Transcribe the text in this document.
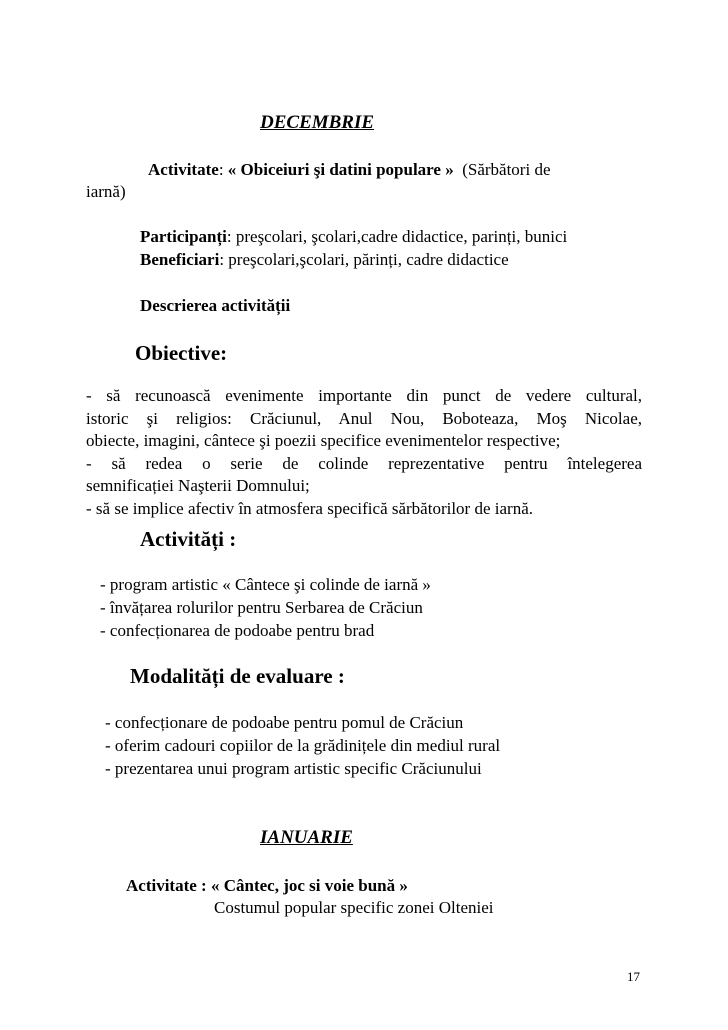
DECEMBRIE
Activitate: « Obiceiuri şi datini populare » (Sărbători de
iarnă)
Participanți: preşcolari, şcolari,cadre didactice, parinți, bunici
Beneficiari: preşcolari,şcolari, părinți, cadre didactice
Descrierea activității
Obiective:
- să recunoască evenimente importante din punct de vedere cultural,
istoric şi religios: Crăciunul, Anul Nou, Boboteaza, Moş Nicolae,
obiecte, imagini, cântece şi poezii specifice evenimentelor respective;
- să redea o serie de colinde reprezentative pentru întelegerea
semnificației Naşterii Domnului;
- să se implice afectiv în atmosfera specifică sărbătorilor de iarnă.
Activități :
- program artistic « Cântece şi colinde de iarnă »
- învățarea rolurilor pentru Serbarea de Crăciun
- confecționarea de podoabe pentru brad
Modalități de evaluare :
- confecționare de podoabe pentru pomul de Crăciun
- oferim cadouri copiilor de la grădinițele din mediul rural
- prezentarea unui program artistic specific Crăciunului
IANUARIE
Activitate : « Cântec, joc si voie bună »
Costumul popular specific zonei Olteniei
17
